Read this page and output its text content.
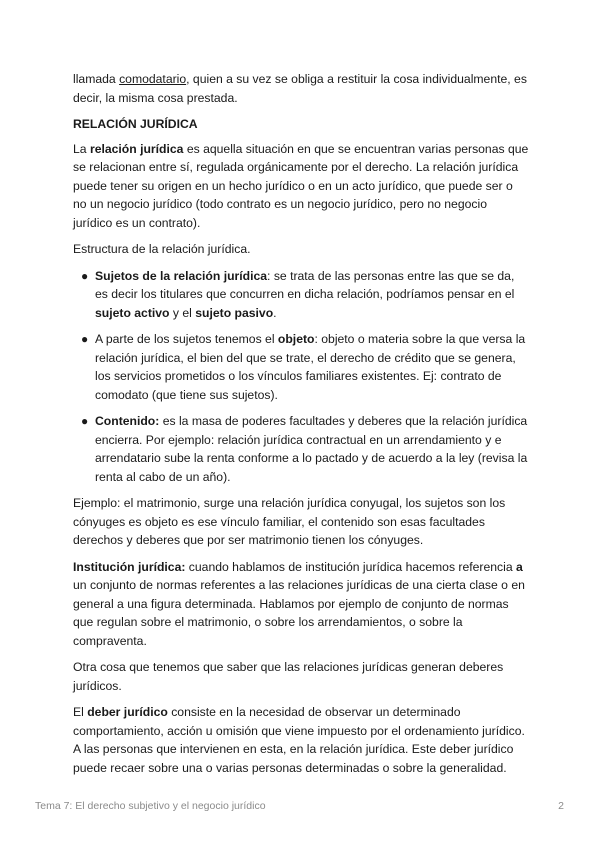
llamada comodatario, quien a su vez se obliga a restituir la cosa individualmente, es decir, la misma cosa prestada.

RELACIÓN JURÍDICA

La relación jurídica es aquella situación en que se encuentran varias personas que se relacionan entre sí, regulada orgánicamente por el derecho. La relación jurídica puede tener su origen en un hecho jurídico o en un acto jurídico, que puede ser o no un negocio jurídico (todo contrato es un negocio jurídico, pero no negocio jurídico es un contrato).

Estructura de la relación jurídica.

● Sujetos de la relación jurídica: se trata de las personas entre las que se da, es decir los titulares que concurren en dicha relación, podríamos pensar en el sujeto activo y el sujeto pasivo.
● A parte de los sujetos tenemos el objeto: objeto o materia sobre la que versa la relación jurídica, el bien del que se trate, el derecho de crédito que se genera, los servicios prometidos o los vínculos familiares existentes. Ej: contrato de comodato (que tiene sus sujetos).
● Contenido: es la masa de poderes facultades y deberes que la relación jurídica encierra. Por ejemplo: relación jurídica contractual en un arrendamiento y e arrendatario sube la renta conforme a lo pactado y de acuerdo a la ley (revisa la renta al cabo de un año).

Ejemplo: el matrimonio, surge una relación jurídica conyugal, los sujetos son los cónyuges es objeto es ese vínculo familiar, el contenido son esas facultades derechos y deberes que por ser matrimonio tienen los cónyuges.

Institución jurídica: cuando hablamos de institución jurídica hacemos referencia a un conjunto de normas referentes a las relaciones jurídicas de una cierta clase o en general a una figura determinada. Hablamos por ejemplo de conjunto de normas que regulan sobre el matrimonio, o sobre los arrendamientos, o sobre la compraventa.

Otra cosa que tenemos que saber que las relaciones jurídicas generan deberes jurídicos.

El deber jurídico consiste en la necesidad de observar un determinado comportamiento, acción u omisión que viene impuesto por el ordenamiento jurídico. A las personas que intervienen en esta, en la relación jurídica. Este deber jurídico puede recaer sobre una o varias personas determinadas o sobre la generalidad.

Tema 7: El derecho subjetivo y el negocio jurídico	2
